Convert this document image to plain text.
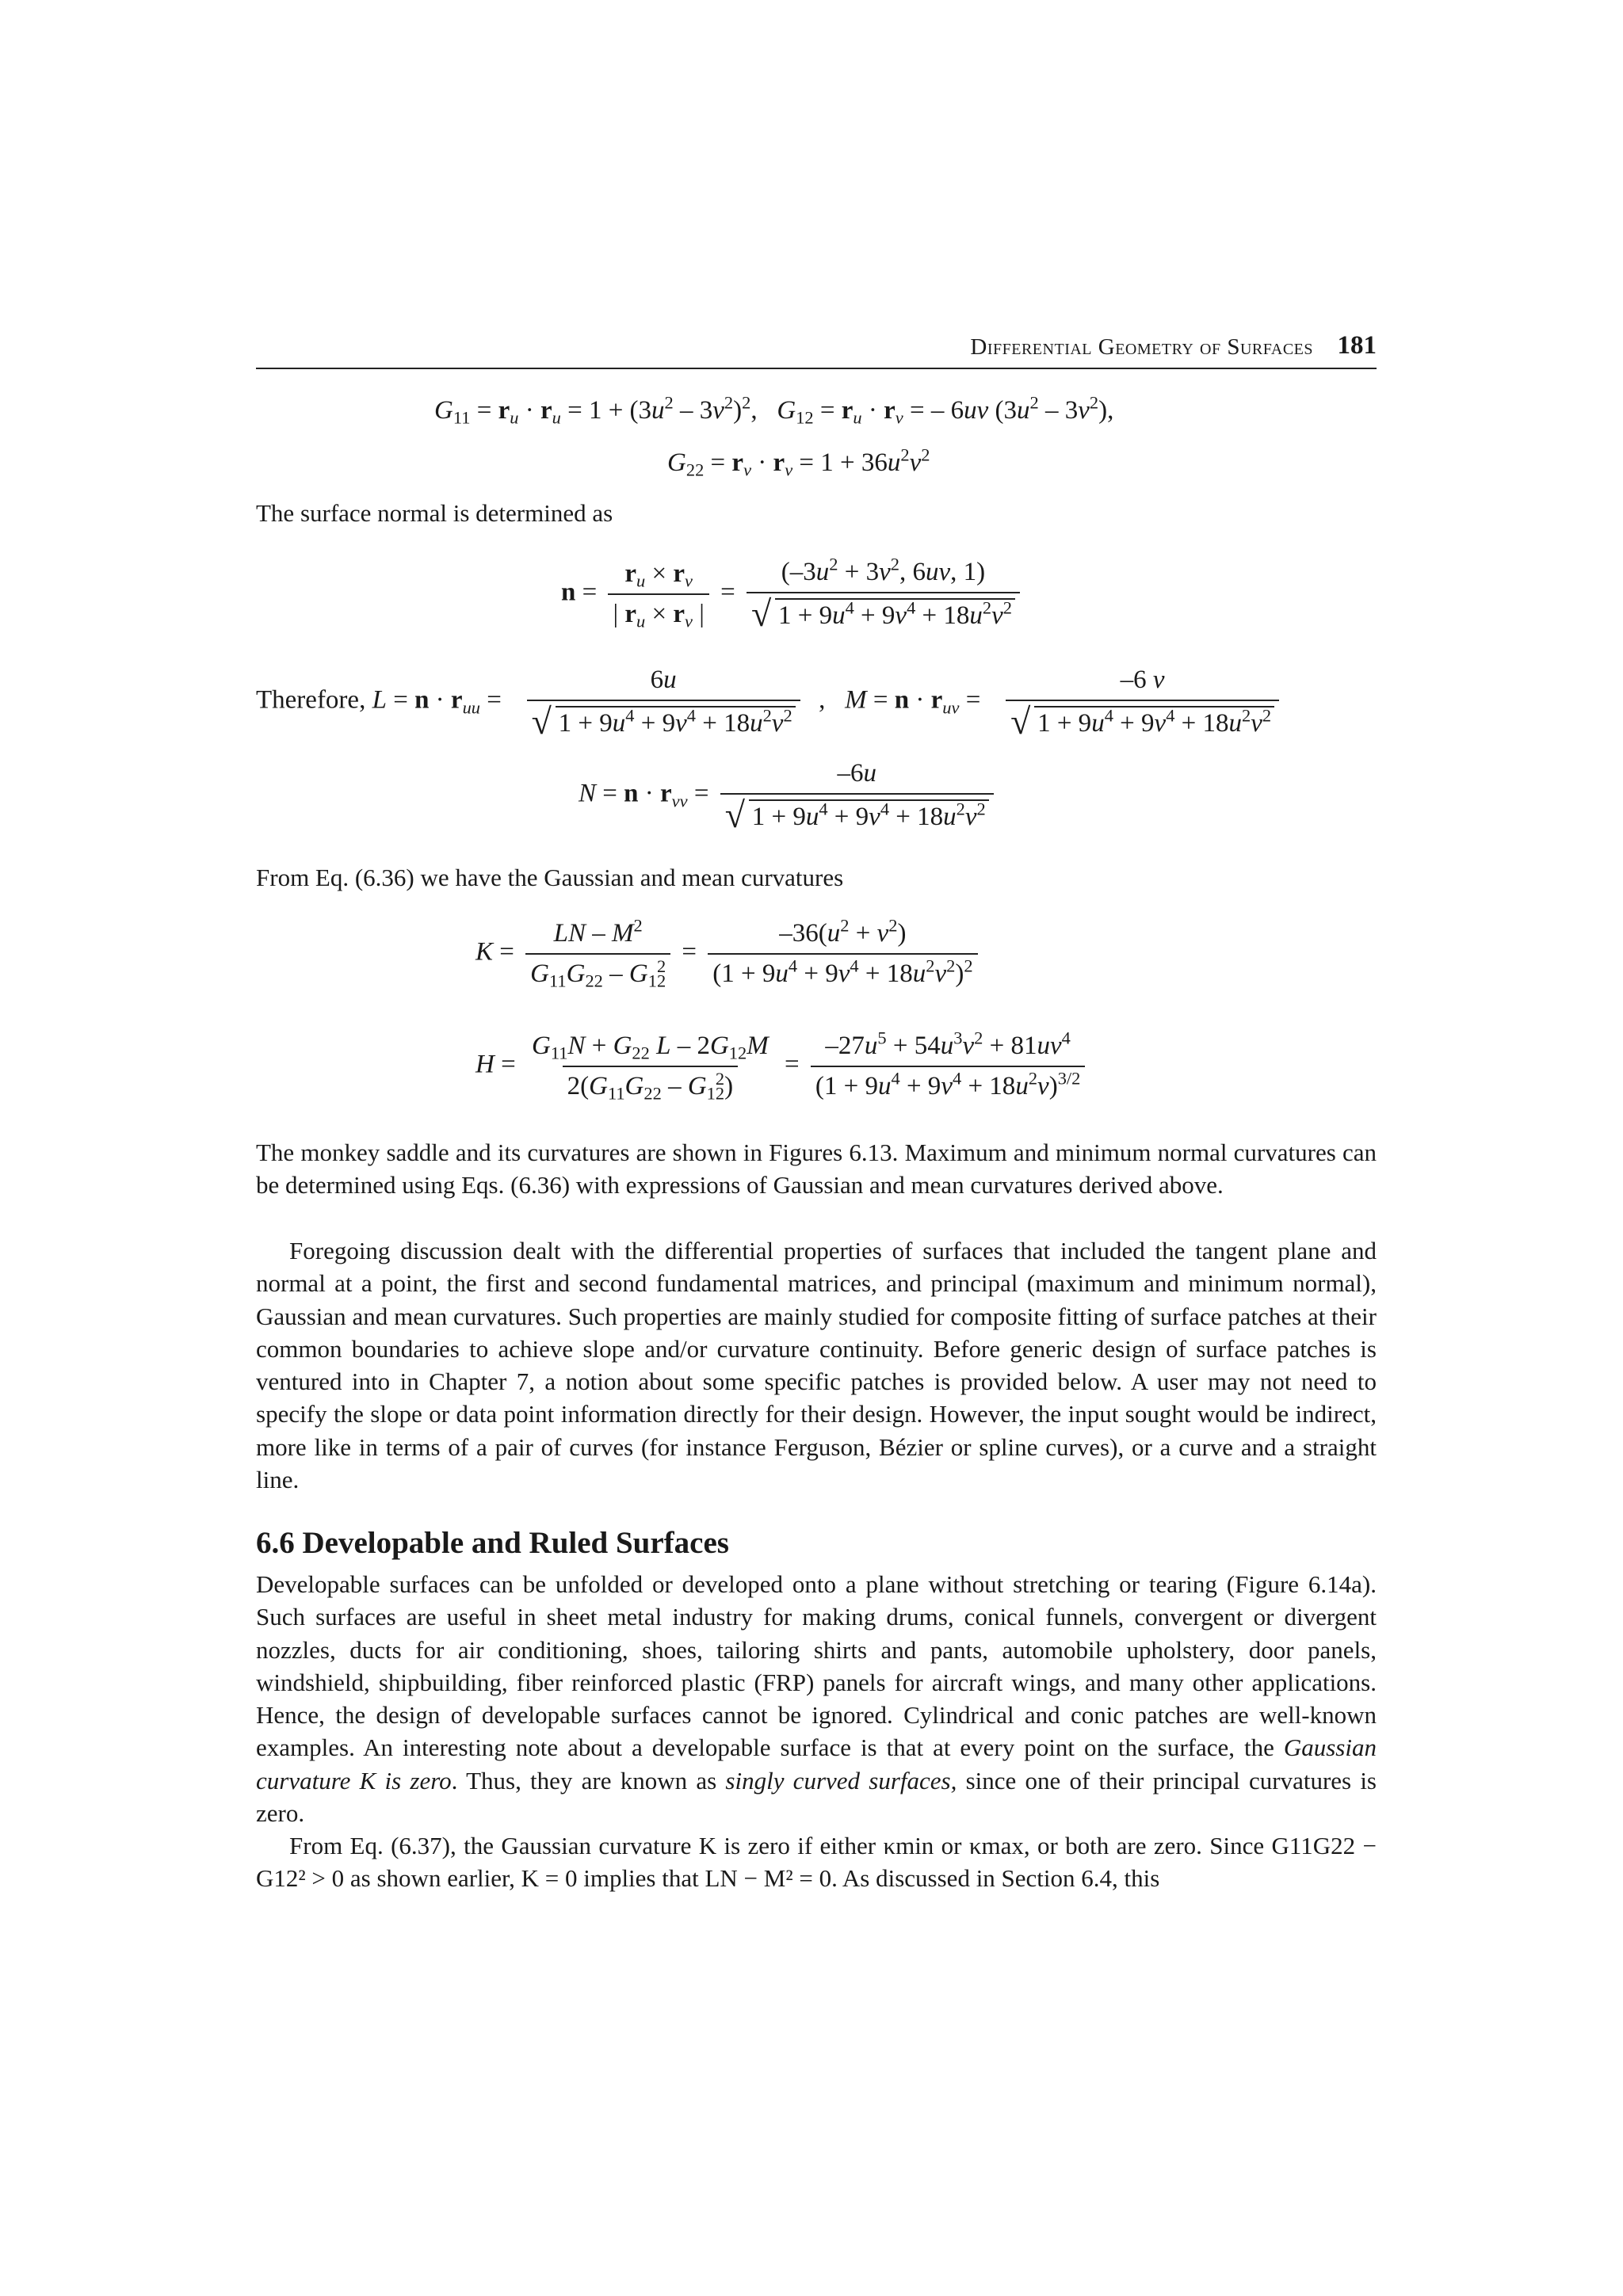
Differential Geometry of Surfaces 181
$G_{11} = r_u \cdot r_u = 1 + (3u^2 - 3v^2)^2$,   $G_{12} = r_u \cdot r_v$ = – 6uv $(3u^2 - 3v^2)$,
$G_{22} = r_v \cdot r_v = 1 + 36u^2v^2$
The surface normal is determined as
$n = \frac{r_u \times r_v}{| r_u \times r_v |} = \frac{(-3u^2 + 3v^2, 6uv, 1)}{√ 1 + 9u^4 + 9v^4 + 18u^2v^2}$
Therefore, $L = n \cdot r_{uu} = \frac{6u}{√ 1 + 9u^4 + 9v^4 + 18u^2v^2}$ ,   $M = n \cdot r_{uv} = \frac{-6 v}{√ 1 + 9u^4 + 9v^4 + 18u^2v^2}$
$N = n \cdot r_{vv} = \frac{-6u}{√ 1 + 9u^4 + 9v^4 + 18u^2v^2}$
From Eq. (6.36) we have the Gaussian and mean curvatures
$K = \frac{LN - M^2}{G_{11}G_{22} - G_{12}^2} = \frac{-36(u^2 + v^2)}{(1 + 9u^4 + 9v^4 + 18u^2v^2)^2}$
$H = \frac{G_{11}N + G_{22} L - 2G_{12}M}{2(G_{11}G_{22} - G_{12}^2)} = \frac{-27u^5 + 54u^3v^2 + 81uv^4}{(1 + 9u^4 + 9v^4 + 18u^2v)^{3/2}}$
The monkey saddle and its curvatures are shown in Figures 6.13. Maximum and minimum normal curvatures can be determined using Eqs. (6.36) with expressions of Gaussian and mean curvatures derived above.
Foregoing discussion dealt with the differential properties of surfaces that included the tangent plane and normal at a point, the first and second fundamental matrices, and principal (maximum and minimum normal), Gaussian and mean curvatures. Such properties are mainly studied for composite fitting of surface patches at their common boundaries to achieve slope and/or curvature continuity. Before generic design of surface patches is ventured into in Chapter 7, a notion about some specific patches is provided below. A user may not need to specify the slope or data point information directly for their design. However, the input sought would be indirect, more like in terms of a pair of curves (for instance Ferguson, Bézier or spline curves), or a curve and a straight line.
6.6 Developable and Ruled Surfaces
Developable surfaces can be unfolded or developed onto a plane without stretching or tearing (Figure 6.14a). Such surfaces are useful in sheet metal industry for making drums, conical funnels, convergent or divergent nozzles, ducts for air conditioning, shoes, tailoring shirts and pants, automobile upholstery, door panels, windshield, shipbuilding, fiber reinforced plastic (FRP) panels for aircraft wings, and many other applications. Hence, the design of developable surfaces cannot be ignored. Cylindrical and conic patches are well-known examples. An interesting note about a developable surface is that at every point on the surface, the Gaussian curvature K is zero. Thus, they are known as singly curved surfaces, since one of their principal curvatures is zero.
From Eq. (6.37), the Gaussian curvature K is zero if either κmin or κmax, or both are zero. Since G11G22 − G12² > 0 as shown earlier, K = 0 implies that LN − M² = 0. As discussed in Section 6.4, this
